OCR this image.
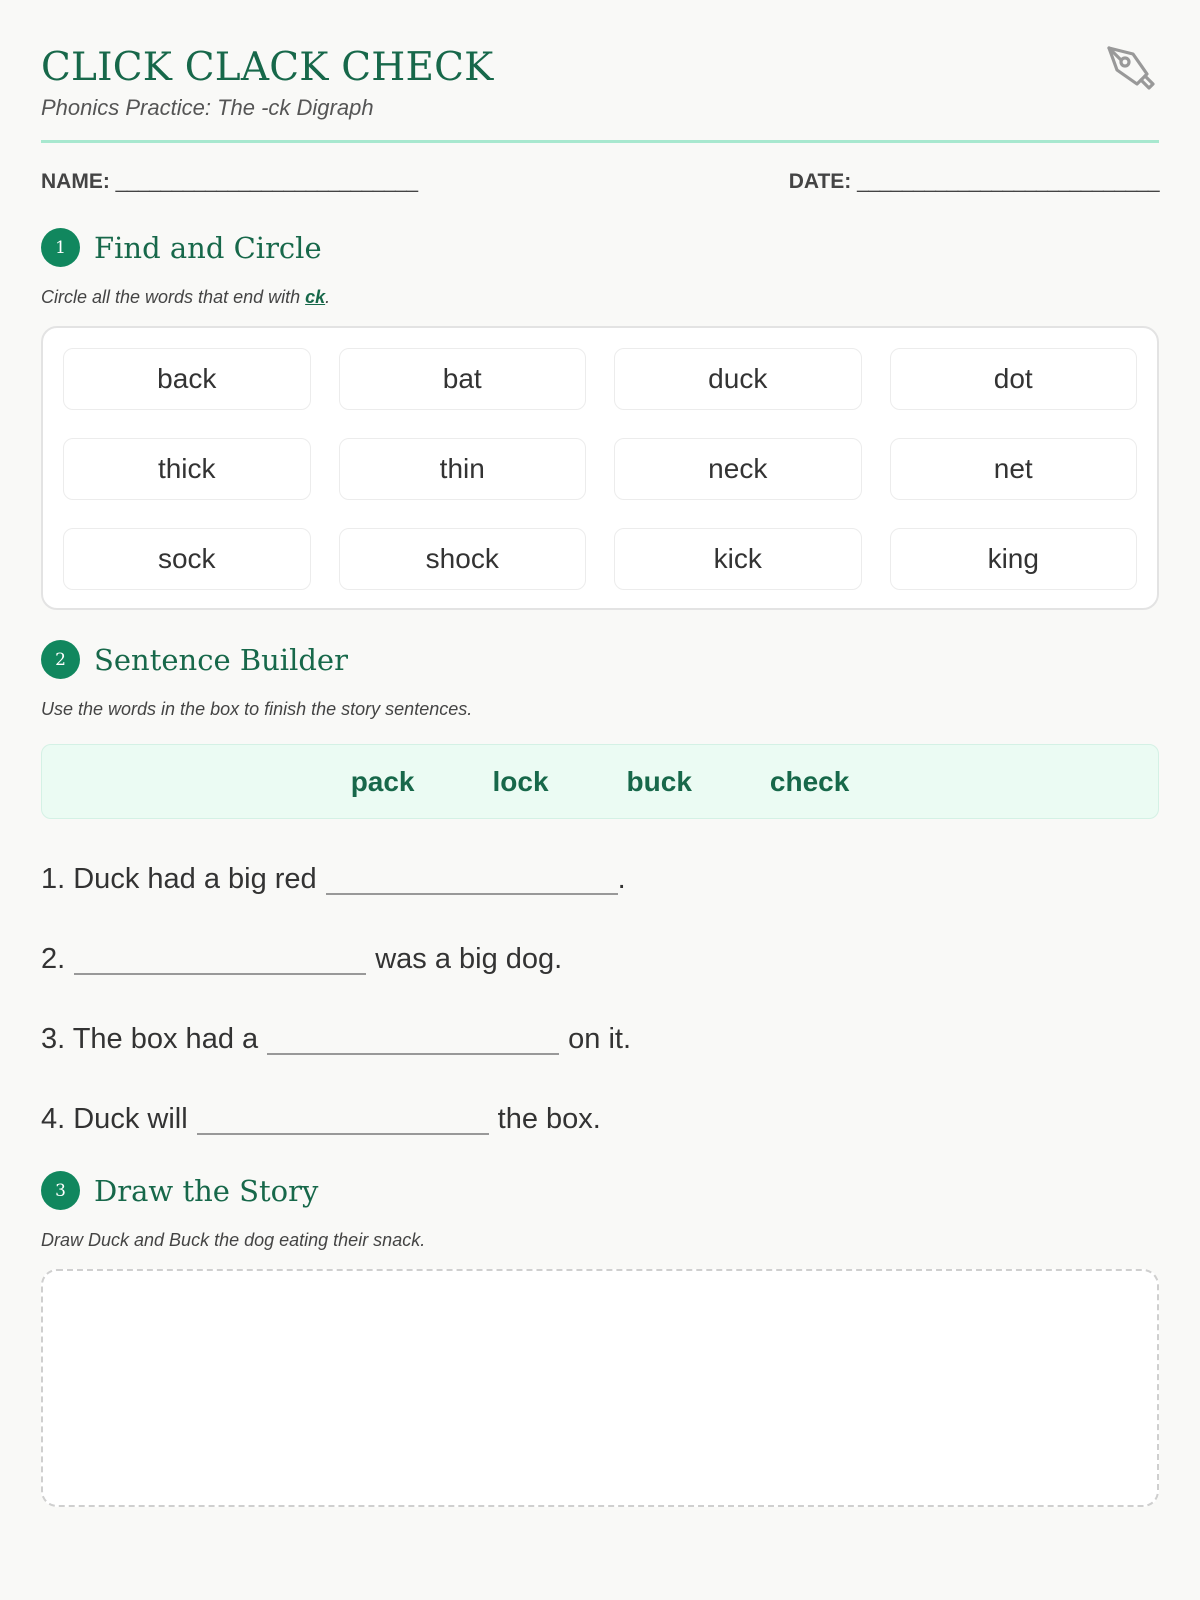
CLICK CLACK CHECK
Phonics Practice: The -ck Digraph
NAME: ___________________________	DATE: ___________________________
1 Find and Circle
Circle all the words that end with ck.
back	bat	duck	dot
thick	thin	neck	net
sock	shock	kick	king
2 Sentence Builder
Use the words in the box to finish the story sentences.
pack	lock	buck	check
1. Duck had a big red	.
2.	was a big dog.
3. The box had a	on it.
4. Duck will	the box.
3 Draw the Story
Draw Duck and Buck the dog eating their snack.
